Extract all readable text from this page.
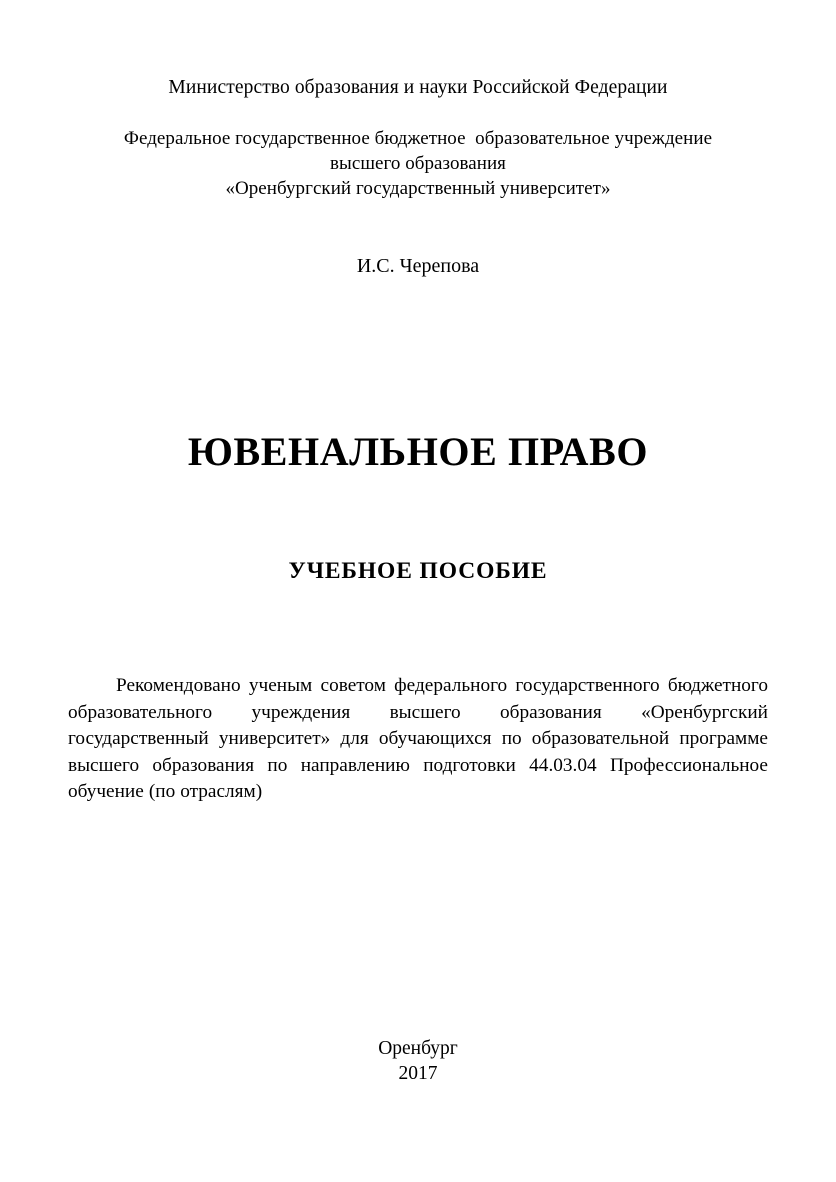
Министерство образования и науки Российской Федерации
Федеральное государственное бюджетное  образовательное учреждение
высшего образования
«Оренбургский государственный университет»
И.С. Черепова
ЮВЕНАЛЬНОЕ ПРАВО
УЧЕБНОЕ ПОСОБИЕ

Рекомендовано ученым советом федерального государственного бюджетного образовательного учреждения высшего образования «Оренбургский государственный университет» для обучающихся по образовательной программе высшего образования по направлению подготовки 44.03.04 Профессиональное обучение (по отраслям)

Оренбург
2017
